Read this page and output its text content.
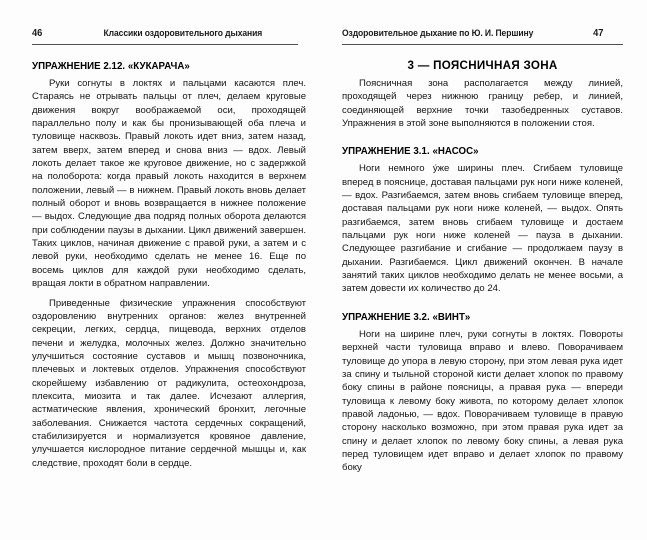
46	Классики оздоровительного дыхания
УПРАЖНЕНИЕ 2.12. «КУКАРАЧА»

Руки согнуты в локтях и пальцами касаются плеч. Стараясь не отрывать пальцы от плеч, делаем круговые движения вокруг воображаемой оси, проходящей параллельно полу и как бы пронизывающей оба плеча и туловище насквозь. Правый локоть идет вниз, затем назад, затем вверх, затем вперед и снова вниз — вдох. Левый локоть делает такое же круговое движение, но с задержкой на полоборота: когда правый локоть находится в верхнем положении, левый — в нижнем. Правый локоть вновь делает полный оборот и вновь возвращается в нижнее положение — выдох. Следующие два подряд полных оборота делаются при соблюдении паузы в дыхании. Цикл движений завершен. Таких циклов, начиная движение с правой руки, а затем и с левой руки, необходимо сделать не менее 16. Еще по восемь циклов для каждой руки необходимо сделать, вращая локти в обратном направлении.

Приведенные физические упражнения способствуют оздоровлению внутренних органов: желез внутренней секреции, легких, сердца, пищевода, верхних отделов печени и желудка, молочных желез. Должно значительно улучшиться состояние суставов и мышц позвоночника, плечевых и локтевых отделов. Упражнения способствуют скорейшему избавлению от радикулита, остеохондроза, плексита, миозита и так далее. Исчезают аллергия, астматические явления, хронический бронхит, легочные заболевания. Снижается частота сердечных сокращений, стабилизируется и нормализуется кровяное давление, улучшается кислородное питание сердечной мышцы и, как следствие, проходят боли в сердце.

Оздоровительное дыхание по Ю. И. Першину	47
3 — ПОЯСНИЧНАЯ ЗОНА

Поясничная зона располагается между линией, проходящей через нижнюю границу ребер, и линией, соединяющей верхние точки тазобедренных суставов. Упражнения в этой зоне выполняются в положении стоя.

УПРАЖНЕНИЕ 3.1. «НАСОС»

Ноги немного ýже ширины плеч. Сгибаем туловище вперед в пояснице, доставая пальцами рук ноги ниже коленей, — вдох. Разгибаемся, затем вновь сгибаем туловище вперед, доставая пальцами рук ноги ниже коленей, — выдох. Опять разгибаемся, затем вновь сгибаем туловище и достаем пальцами рук ноги ниже коленей — пауза в дыхании. Следующее разгибание и сгибание — продолжаем паузу в дыхании. Разгибаемся. Цикл движений окончен. В начале занятий таких циклов необходимо делать не менее восьми, а затем довести их количество до 24.

УПРАЖНЕНИЕ 3.2. «ВИНТ»

Ноги на ширине плеч, руки согнуты в локтях. Повороты верхней части туловища вправо и влево. Поворачиваем туловище до упора в левую сторону, при этом левая рука идет за спину и тыльной стороной кисти делает хлопок по правому боку спины в районе поясницы, а правая рука — впереди туловища к левому боку живота, по которому делает хлопок правой ладонью, — вдох. Поворачиваем туловище в правую сторону насколько возможно, при этом правая рука идет за спину и делает хлопок по левому боку спины, а левая рука перед туловищем идет вправо и делает хлопок по правому боку
